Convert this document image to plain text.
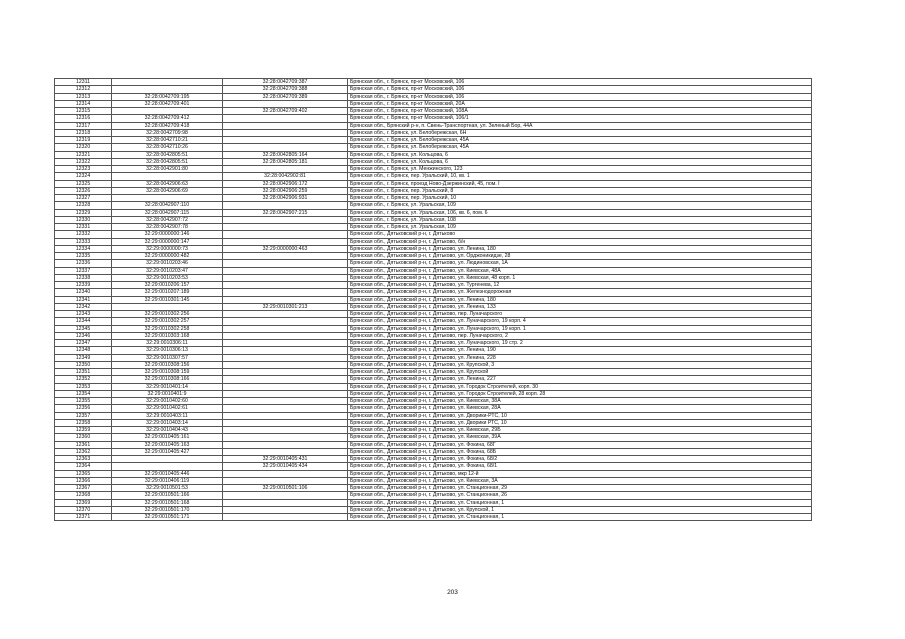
12311		32:28:0042709:387	Брянская обл., г. Брянск, пр-кт Московский, 106
12312		32:28:0042709:388	Брянская обл., г. Брянск, пр-кт Московский, 106
12313	32:28:0042709:195	32:28:0042709:389	Брянская обл., г. Брянск, пр-кт Московский, 106
12314	32:28:0042709:401		Брянская обл., г. Брянск, пр-кт Московский, 20А
12315		32:28:0042709:402	Брянская обл., г. Брянск, пр-кт Московский, 108А
12316	32:28:0042709:412		Брянская обл., г. Брянск, пр-кт Московский, 106/1
12317	32:28:0042709:418		Брянская обл., Брянский р-н, п. Свень-Транспортная, ул. Зеленый Бор, 44А
12318	32:28:0042709:98		Брянская обл., г. Брянск, ул. Белобережская, 6Н
12319	32:28:0042710:21		Брянская обл., г. Брянск, ул. Белобережская, 45А
12320	32:28:0042710:26		Брянская обл., г. Брянск, ул. Белобережская, 45А
12321	32:28:0042805:51	32:28:0042805:164	Брянская обл., г. Брянск, ул. Кольцова, 6
12322	32:28:0042805:51	32:28:0042805:181	Брянская обл., г. Брянск, ул. Кольцова, 6
12323	32:28:0042901:80		Брянская обл., г. Брянск, ул. Менжинского, 123
12324		32:28:0042902:81	Брянская обл., г. Брянск, пер. Уральский, 10, кв. 1
12325	32:28:0042906:63	32:28:0042906:172	Брянская обл., г. Брянск, проезд Ново-Дзержинский, 45, пом. I
12326	32:28:0042906:69	32:28:0042906:259	Брянская обл., г. Брянск, пер. Уральский, 8
12327		32:28:0042906:931	Брянская обл., г. Брянск, пер. Уральский, 10
12328	32:28:0042907:110		Брянская обл., г. Брянск, ул. Уральская, 109
12329	32:28:0042907:115	32:28:0042907:215	Брянская обл., г. Брянск, ул. Уральская, 106, кв. 6, пом. 6
12330	32:28:0042907:72		Брянская обл., г. Брянск, ул. Уральская, 108
12331	32:28:0042907:78		Брянская обл., г. Брянск, ул. Уральская, 109
12332	32:29:0000000:146		Брянская обл., Дятьковский р-н, г. Дятьково
12333	32:29:0000000:147		Брянская обл., Дятьковский р-н, г. Дятьково, б/н
12334	32:29:0000000:73	32:29:0000000:463	Брянская обл., Дятьковский р-н, г. Дятьково, ул. Ленина, 180
12335	32:29:0000000:482		Брянская обл., Дятьковский р-н, г. Дятьково, ул. Орджоникидзе, 28
12336	32:29:0010203:46		Брянская обл., Дятьковский р-н, г. Дятьково, ул. Людиновская, 1А
12337	32:29:0010203:47		Брянская обл., Дятьковский р-н, г. Дятьково, ул. Киевская, 48А
12338	32:29:0010203:53		Брянская обл., Дятьковский р-н, г. Дятьково, ул. Киевская, 48 корп. 1
12339	32:29:0010206:157		Брянская обл., Дятьковский р-н, г. Дятьково, ул. Тургенева, 12
12340	32:29:0010207:189		Брянская обл., Дятьковский р-н, г. Дятьково, ул. Железнодорожная
12341	32:29:0010301:145		Брянская обл., Дятьковский р-н, г. Дятьково, ул. Ленина, 180
12342		32:29:0010301:213	Брянская обл., Дятьковский р-н, г. Дятьково, ул. Ленина, 133
12343	32:29:0010302:256		Брянская обл., Дятьковский р-н, г. Дятьково, пер. Луначарского
12344	32:29:0010302:257		Брянская обл., Дятьковский р-н, г. Дятьково, ул. Луначарского, 19 корп. 4
12345	32:29:0010302:258		Брянская обл., Дятьковский р-н, г. Дятьково, ул. Луначарского, 19 корп. 1
12346	32:29:0010303:168		Брянская обл., Дятьковский р-н, г. Дятьково, пер. Луначарского, 2
12347	32:29:0010306:11		Брянская обл., Дятьковский р-н, г. Дятьково, ул. Луначарского, 19 стр. 2
12348	32:29:0010306:13		Брянская обл., Дятьковский р-н, г. Дятьково, ул. Ленина, 190
12349	32:29:0010307:57		Брянская обл., Дятьковский р-н, г. Дятьково, ул. Ленина, 228
12350	32:29:0010308:156		Брянская обл., Дятьковский р-н, г. Дятьково, ул. Крупской, 3
12351	32:29:0010308:159		Брянская обл., Дятьковский р-н, г. Дятьково, ул. Крупской
12352	32:29:0010308:166		Брянская обл., Дятьковский р-н, г. Дятьково, ул. Ленина, 227
12353	32:29:0010401:14		Брянская обл., Дятьковский р-н, г. Дятьково, ул. Городок Строителей, корп. 30
12354	32:29:0010401:9		Брянская обл., Дятьковский р-н, г. Дятьково, ул. Городок Строителей, 28 корп. 28
12355	32:29:0010402:60		Брянская обл., Дятьковский р-н, г. Дятьково, ул. Киевская, 38А
12356	32:29:0010402:61		Брянская обл., Дятьковский р-н, г. Дятьково, ул. Киевская, 28А
12357	32:29:0010403:11		Брянская обл., Дятьковский р-н, г. Дятьково, ул. Дворики-РТС, 10
12358	32:29:0010403:14		Брянская обл., Дятьковский р-н, г. Дятьково, ул. Дворики РТС, 10
12359	32:29:0010404:43		Брянская обл., Дятьковский р-н, г. Дятьково, ул. Киевская, 29Б
12360	32:29:0010405:161		Брянская обл., Дятьковский р-н, г. Дятьково, ул. Киевская, 39А
12361	32:29:0010405:163		Брянская обл., Дятьковский р-н, г. Дятьково, ул. Фокина, 68Г
12362	32:29:0010405:427		Брянская обл., Дятьковский р-н, г. Дятьково, ул. Фокина, 68Б
12363		32:29:0010405:431	Брянская обл., Дятьковский р-н, г. Дятьково, ул. Фокина, 68/2
12364		32:29:0010405:434	Брянская обл., Дятьковский р-н, г. Дятьково, ул. Фокина, 68/1
12365	32:29:0010405:446		Брянская обл., Дятьковский р-н, г. Дятьково, мкр 12-й
12366	32:29:0010406:119		Брянская обл., Дятьковский р-н, г. Дятьково, ул. Киевская, 3А
12367	32:29:0010501:53	32:29:0010501:106	Брянская обл., Дятьковский р-н, г. Дятьково, ул. Станционная, 29
12368	32:29:0010501:166		Брянская обл., Дятьковский р-н, г. Дятьково, ул. Станционная, 26
12369	32:29:0010501:168		Брянская обл., Дятьковский р-н, г. Дятьково, ул. Станционная, 1
12370	32:29:0010501:170		Брянская обл., Дятьковский р-н, г. Дятьково, ул. Крупской, 1
12371	32:29:0010501:171		Брянская обл., Дятьковский р-н, г. Дятьково, ул. Станционная, 1
203
